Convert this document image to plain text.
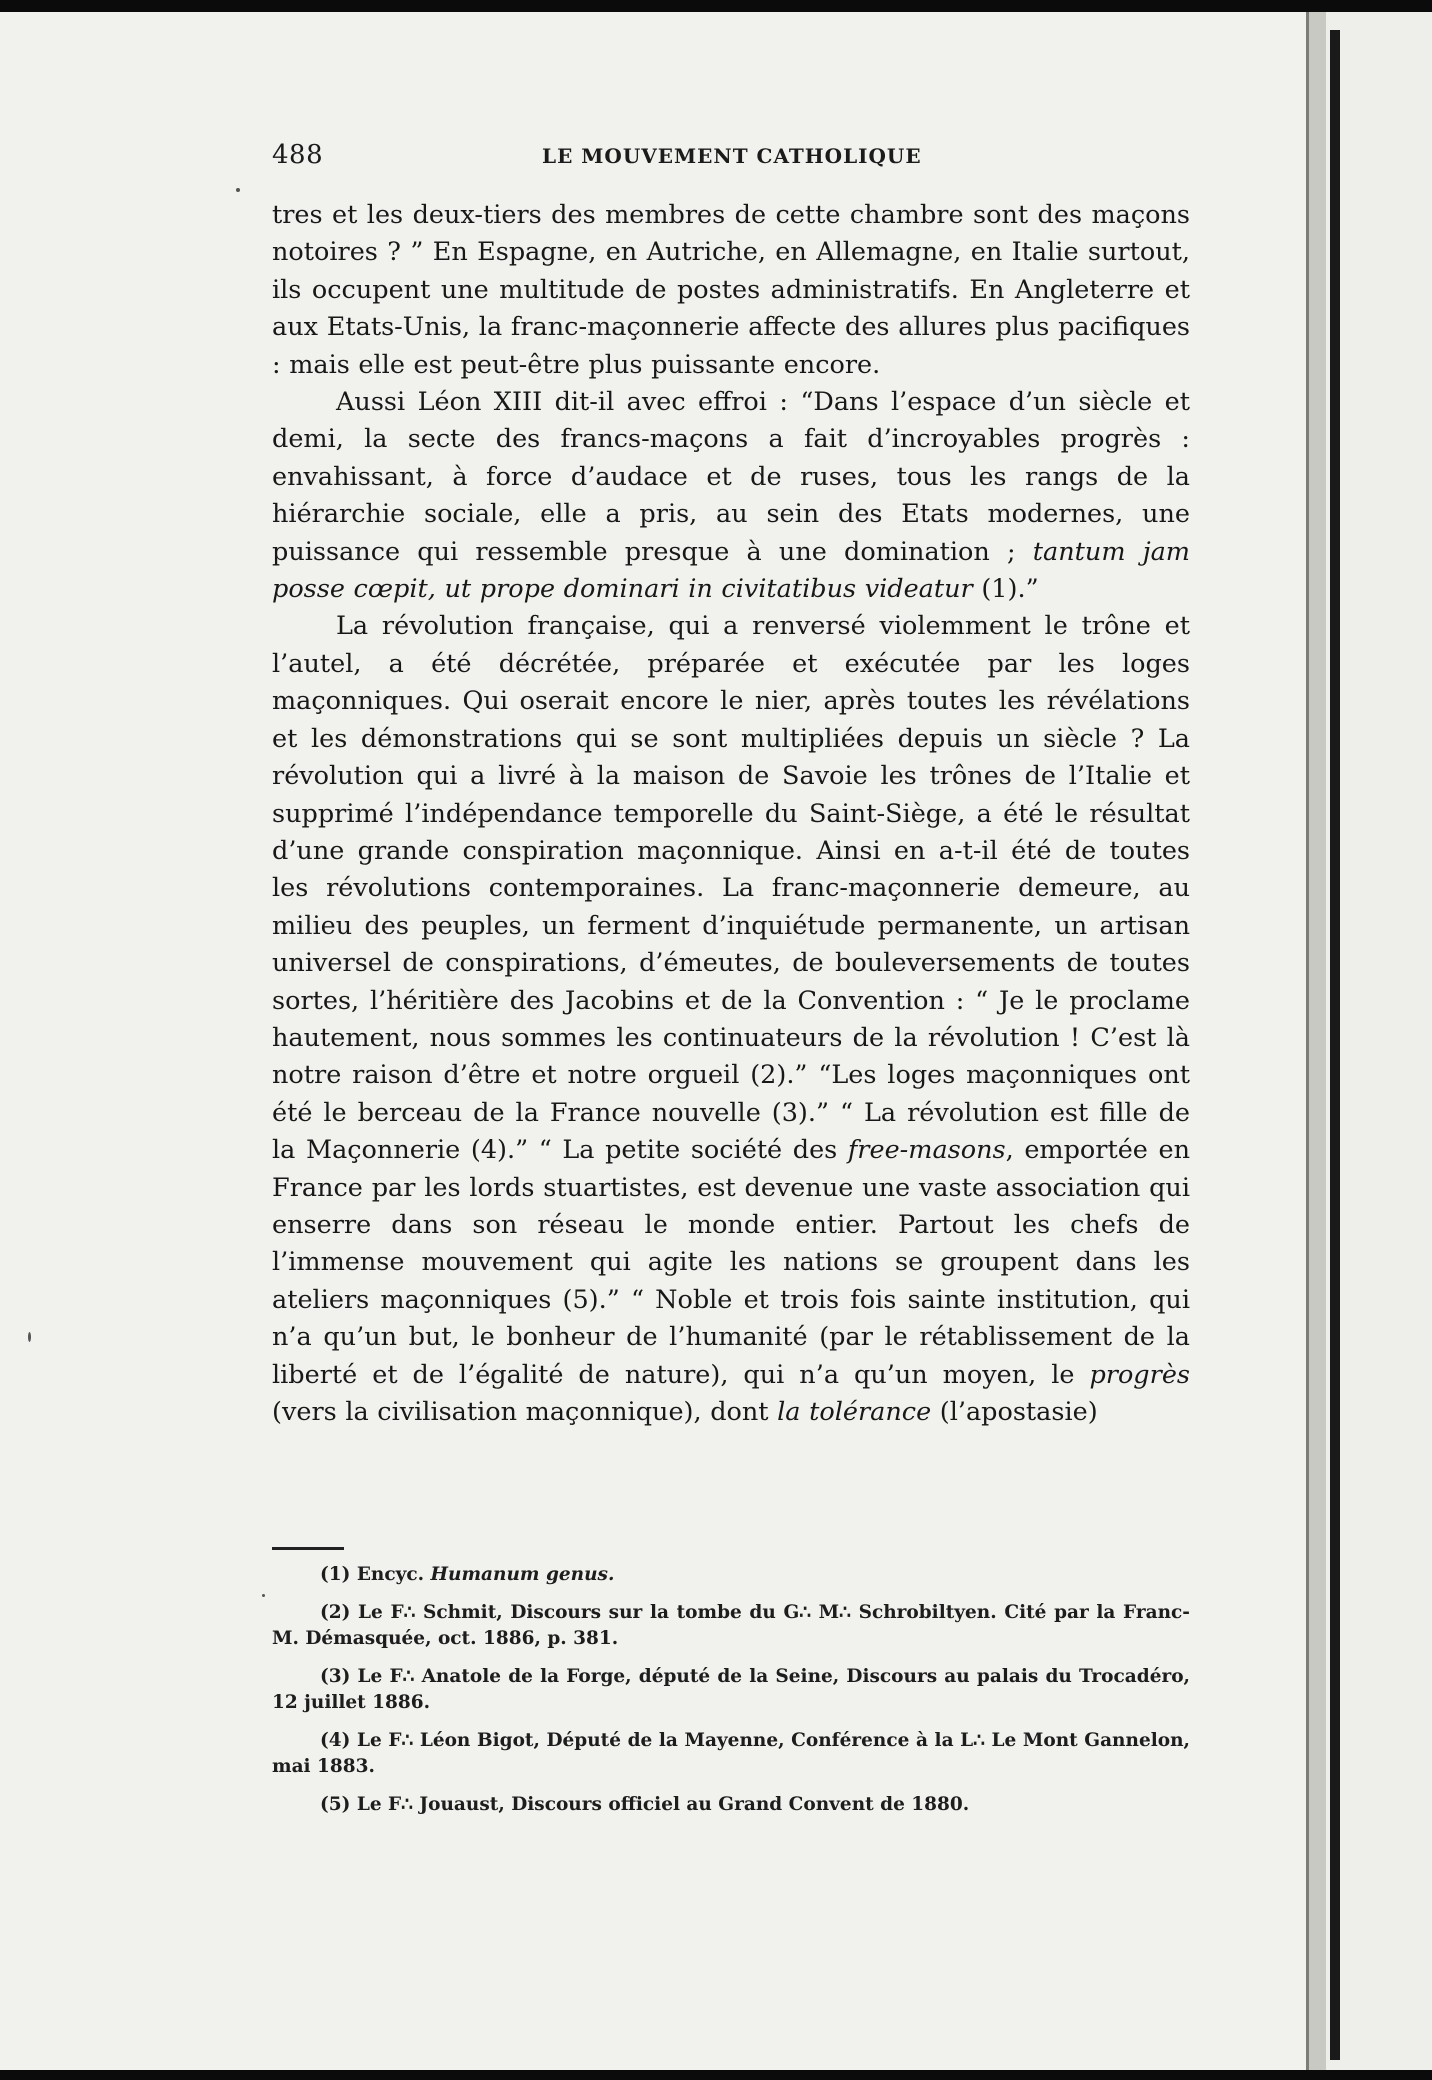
488	LE MOUVEMENT CATHOLIQUE

tres et les deux-tiers des membres de cette chambre sont des maçons notoires ? ” En Espagne, en Autriche, en Allemagne, en Italie surtout, ils occupent une multitude de postes administratifs. En Angleterre et aux Etats-Unis, la franc-maçonnerie affecte des allures plus pacifiques : mais elle est peut-être plus puissante encore.

Aussi Léon XIII dit-il avec effroi : “Dans l’espace d’un siècle et demi, la secte des francs-maçons a fait d’incroyables progrès : envahissant, à force d’audace et de ruses, tous les rangs de la hiérarchie sociale, elle a pris, au sein des Etats modernes, une puissance qui ressemble presque à une domination ; tantum jam posse cœpit, ut prope dominari in civitatibus videatur (1).”

La révolution française, qui a renversé violemment le trône et l’autel, a été décrétée, préparée et exécutée par les loges maçonniques. Qui oserait encore le nier, après toutes les révélations et les démonstrations qui se sont multipliées depuis un siècle ? La révolution qui a livré à la maison de Savoie les trônes de l’Italie et supprimé l’indépendance temporelle du Saint-Siège, a été le résultat d’une grande conspiration maçonnique. Ainsi en a-t-il été de toutes les révolutions contemporaines. La franc-maçonnerie demeure, au milieu des peuples, un ferment d’inquiétude permanente, un artisan universel de conspirations, d’émeutes, de bouleversements de toutes sortes, l’héritière des Jacobins et de la Convention : “ Je le proclame hautement, nous sommes les continuateurs de la révolution ! C’est là notre raison d’être et notre orgueil (2).” “Les loges maçonniques ont été le berceau de la France nouvelle (3).” “ La révolution est fille de la Maçonnerie (4).” “ La petite société des free-masons, emportée en France par les lords stuartistes, est devenue une vaste association qui enserre dans son réseau le monde entier. Partout les chefs de l’immense mouvement qui agite les nations se groupent dans les ateliers maçonniques (5).” “ Noble et trois fois sainte institution, qui n’a qu’un but, le bonheur de l’humanité (par le rétablissement de la liberté et de l’égalité de nature), qui n’a qu’un moyen, le progrès (vers la civilisation maçonnique), dont la tolérance (l’apostasie)

(1) Encyc. Humanum genus.

(2) Le F∴ Schmit, Discours sur la tombe du G∴ M∴ Schrobiltyen. Cité par la Franc-M. Démasquée, oct. 1886, p. 381.

(3) Le F∴ Anatole de la Forge, député de la Seine, Discours au palais du Trocadéro, 12 juillet 1886.

(4) Le F∴ Léon Bigot, Député de la Mayenne, Conférence à la L∴ Le Mont Gannelon, mai 1883.

(5) Le F∴ Jouaust, Discours officiel au Grand Convent de 1880.
